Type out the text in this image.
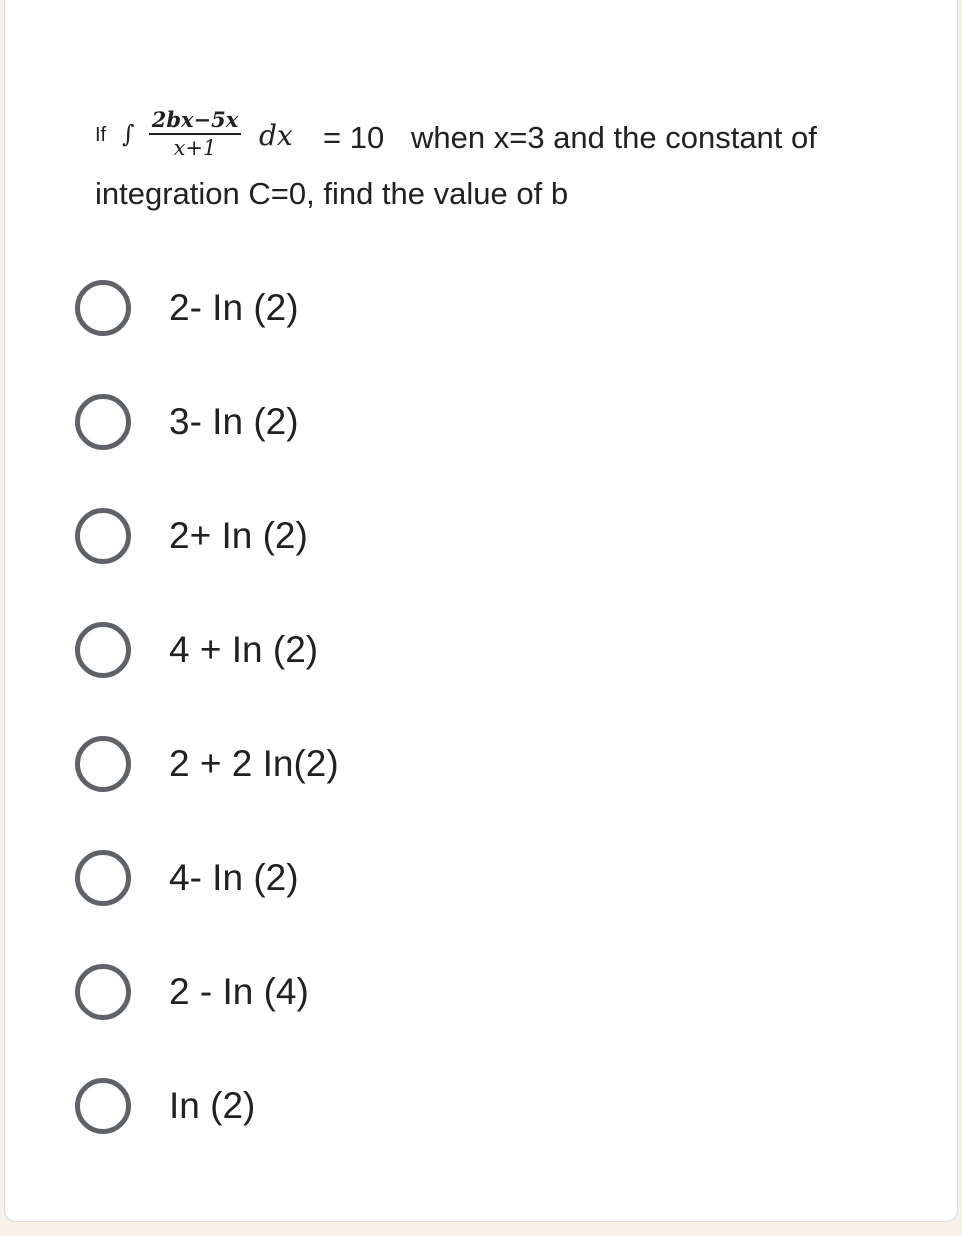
If ∫
2bx−5x
x+1	dx = 10 when x=3 and the constant of
integration C=0, find the value of b
2- In (2)
3- In (2)
2+ In (2)
4 + In (2)
2 + 2 In(2)
4- In (2)
2 - In (4)
In (2)
